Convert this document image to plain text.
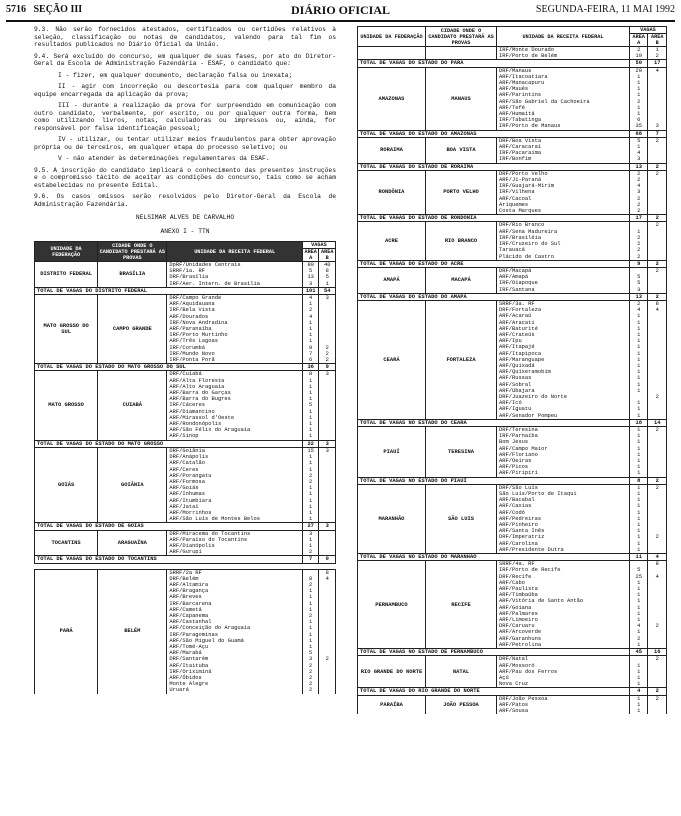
5716 SEÇÃO III	DIÁRIO OFICIAL	SEGUNDA-FEIRA, 11 MAI 1992

9.3. Não serão fornecidos atestados, certificados ou certidões relativos à seleção, classificação ou notas de candidatos, valendo para tal fim os resultados publicados no Diário Oficial da União.

9.4. Será excluído do concurso, em qualquer de suas fases, por ato do Diretor-Geral da Escola de Administração Fazendária - ESAF, o candidato que:

I - fizer, em qualquer documento, declaração falsa ou inexata;

II - agir com incorreção ou descortesia para com qualquer membro da equipe encarregada da aplicação da prova;

III - durante a realização da prova for surpreendido em comunicação com outro candidato, verbalmente, por escrito, ou por qualquer outra forma, bem como utilizando livros, notas, calculadoras ou impressos ou, ainda, for responsável por falsa identificação pessoal;

IV - utilizar, ou tentar utilizar meios fraudulentos para obter aprovação própria ou de terceiros, em qualquer etapa do processo seletivo; ou

V - não atender às determinações regulamentares da ESAF.

9.5. A inscrição do candidato implicará o conhecimento das presentes instruções e o compromisso tácito de aceitar as condições do concurso, tais como se acham estabelecidas no presente Edital.

9.6. Os casos omissos serão resolvidos pelo Diretor-Geral da Escola de Administração Fazendária.

NELSIMAR ALVES DE CARVALHO

ANEXO I - TTN

UNIDADE DA FEDERAÇÃO	CIDADE ONDE O CANDIDATO PRESTARÁ AS PROVAS	UNIDADE DA RECEITA FEDERAL	VAGAS	
			ÁREA A	ÁREA B
DISTRITO FEDERAL	BRASÍLIA	DpRF/Unidades Centrais	80	40
		SRRF/1a. RF	5	8
		DRF/Brasília	13	5
		IRF/Aer. Intern. de Brasília	3	1
TOTAL DE VAGAS DO DISTRITO FEDERAL			101	54
MATO GROSSO DO SUL	CAMPO GRANDE	DRF/Campo Grande	4	3
		ARF/Aquidauana	1	
		IRF/Bela Vista	2	
		ARF/Dourados	4	
		IRF/Nova Andradina	1	
		ARF/Paranaíba	1	
		IRF/Porto Murtinho	1	
		ARF/Três Lagoas	1	
		IRF/Corumbá	9	2
		IRF/Mundo Novo	7	2
		IRF/Ponta Porã	6	2
TOTAL DE VAGAS DO ESTADO DO MATO GROSSO DO SUL			36	9
MATO GROSSO	CUIABÁ	DRF/Cuiabá	8	3
		ARF/Alta Floresta	1	
		ARF/Alto Araguaia	1	
		ARF/Barra do Garças	1	
		ARF/Barra do Bugres	1	
		IRF/Cáceres	5	
		ARF/Diamantino	1	
		ARF/Mirassol d'Oeste	1	
		ARF/Rondonópolis	1	
		ARF/São Félix do Araguaia	1	
		ARF/Sinop	1	
TOTAL DE VAGAS DO ESTADO DO MATO GROSSO			22	3
GOIÁS	GOIÂNIA	DRF/Goiânia	15	3
		DRF/Anápolis	1	
		ARF/Catalão	1	
		ARF/Ceres	1	
		ARF/Porangatu	2	
		ARF/Formosa	2	
		ARF/Goiás	1	
		ARF/Inhumas	1	
		ARF/Itumbiara	1	
		ARF/Jataí	1	
		ARF/Morrinhos	1	
		ARF/São Luís de Montes Belos	1	
TOTAL DE VAGAS DO ESTADO DE GOIÁS			27	3
TOCANTINS	ARAGUAÍNA	DRF/Miracema do Tocantins	3	
		ARF/Paraíso do Tocantins	1	
		ARF/Dianópolis	1	
		ARF/Gurupi	2	
TOTAL DE VAGAS DO ESTADO DO TOCANTINS			7	0

PARÁ	BELÉM	SRRF/2a RF		8
		DRF/Belém	8	4
		ARF/Altamira	2	
		ARF/Bragança	1	
		ARF/Breves	1	
		IRF/Barcarena	1	
		ARF/Cametá	1	
		ARF/Capanema	2	
		ARF/Castanhal	1	
		ARF/Conceição do Araguaia	1	
		IRF/Paragominas	1	
		ARF/São Miguel do Guamá	1	
		ARF/Tomé-Açu	1	
		ARF/Marabá	5	
		DRF/Santarém	3	2
		ARF/Itaituba	2	
		IRF/Oriximiná	2	
		ARF/Óbidos	2	
		Monte Alegre	2	
		Uruará	2	
UNIDADE DA FEDERAÇÃO	CIDADE ONDE O CANDIDATO PRESTARÁ AS PROVAS	UNIDADE DA RECEITA FEDERAL	VAGAS	
			ÁREA A	ÁREA B
		IRF/Monte Dourado	2	1
		IRF/Porto de Belém	10	2
TOTAL DE VAGAS DO ESTADO DO PARÁ			50	17
AMAZONAS	MANAUS	DRF/Manaus	20	4
		ARF/Itacoatiara	1	
		ARF/Manacapuru	1	
		ARF/Maués	1	
		ARF/Parintins	1	
		ARF/São Gabriel da Cachoeira	2	
		ARF/Tefé	1	
		ARF/Humaitá	1	
		IRF/Tabatinga	6	
		IRF/Porto de Manaus	35	3
TOTAL DE VAGAS DO ESTADO DO AMAZONAS			68	7
RORAIMA	BOA VISTA	DRF/Boa Vista	5	2
		ARF/Caracaraí	1	
		IRF/Pacaraima	4	
		IRF/Bonfim	3	
TOTAL DE VAGAS DO ESTADO DE RORAIMA			13	2
RONDÔNIA	PORTO VELHO	DRF/Porto Velho	2	2
		ARF/Ji-Paraná	2	
		IRF/Guajará-Mirim	4	
		IRF/Vilhena	3	
		ARF/Cacoal	2	
		Ariquemes	2	
		Costa Marques	2	
TOTAL DE VAGAS DO ESTADO DE RONDÔNIA			17	2
ACRE	RIO BRANCO	DRF/Rio Branco		2
		ARF/Sena Madureira	1	
		IRF/Brasiléia	2	
		IRF/Cruzeiro do Sul	2	
		Tarauacá	2	
		Plácido de Castro	2	
TOTAL DE VAGAS DO ESTADO DO ACRE			9	2
AMAPÁ	MACAPÁ	DRF/Macapá		2
		ARF/Amapá	5	
		IRF/Oiapoque	5	
		IRF/Santana	3	
TOTAL DE VAGAS DO ESTADO DO AMAPÁ			13	2
CEARÁ	FORTALEZA	SRRF/3a. RF	2	8
		DRF/Fortaleza	4	4
		ARF/Acaraú	1	
		ARF/Aracati	1	
		ARF/Baturité	1	
		ARF/Crateús	1	
		ARF/Ipu	1	
		ARF/Itapajé	1	
		ARF/Itapipoca	1	
		ARF/Maranguape	1	
		ARF/Quixadá	1	
		ARF/Quixeramobim	1	
		ARF/Russas	1	
		ARF/Sobral	1	
		ARF/Ubajara	1	
		DRF/Juazeiro do Norte		2
		ARF/Icó	1	
		ARF/Iguatu	1	
		ARF/Senador Pompeu	1	
TOTAL DE VAGAS NO ESTADO DO CEARÁ			18	14
PIAUÍ	TERESINA	DRF/Teresina	1	2
		IRF/Parnaíba	1	
		Bom Jesus	1	
		ARF/Campo Maior	1	
		ARF/Floriano	1	
		ARF/Oeiras	1	
		ARF/Picos	1	
		ARF/Piripiri	1	
TOTAL DE VAGAS NO ESTADO DO PIAUÍ			8	2
MARANHÃO	SÃO LUIS	DRF/São Luís	1	2
		São Luís/Porto de Itaqui	1	
		ARF/Bacabal	1	
		ARF/Caxias	1	
		ARF/Codó	1	
		ARF/Pedreiras	1	
		ARF/Pinheiro	1	
		ARF/Santa Inês	1	
		DRF/Imperatriz	1	2
		ARF/Carolina	1	
		ARF/Presidente Dutra	1	
TOTAL DE VAGAS NO ESTADO DO MARANHÃO			11	4
PERNAMBUCO	RECIFE	SRRF/4a. RF		8
		IRF/Porto de Recife	5	
		DRF/Recife	25	4
		ARF/Cabo	1	
		ARF/Paulista	1	
		ARF/Timbaúba	1	
		ARF/Vitória de Santo Antão	1	
		ARF/Goiana	1	
		ARF/Palmares	1	
		ARF/Limoeiro	1	
		DRF/Caruaru	4	2
		ARF/Arcoverde	1	
		ARF/Garanhuns	2	
		ARF/Petrolina	1	
TOTAL DE VAGAS NO ESTADO DE PERNAMBUCO			45	16
RIO GRANDE DO NORTE	NATAL	DRF/Natal		2
		ARF/Mossoró	1	
		ARF/Pau dos Ferros	1	
		Açú	1	
		Nova Cruz	1	
TOTAL DE VAGAS DO RIO GRANDE DO NORTE			4	2
PARAÍBA	JOÃO PESSOA	DRF/João Pessoa	1	2
		ARF/Patos	1	
		ARF/Sousa	1	
